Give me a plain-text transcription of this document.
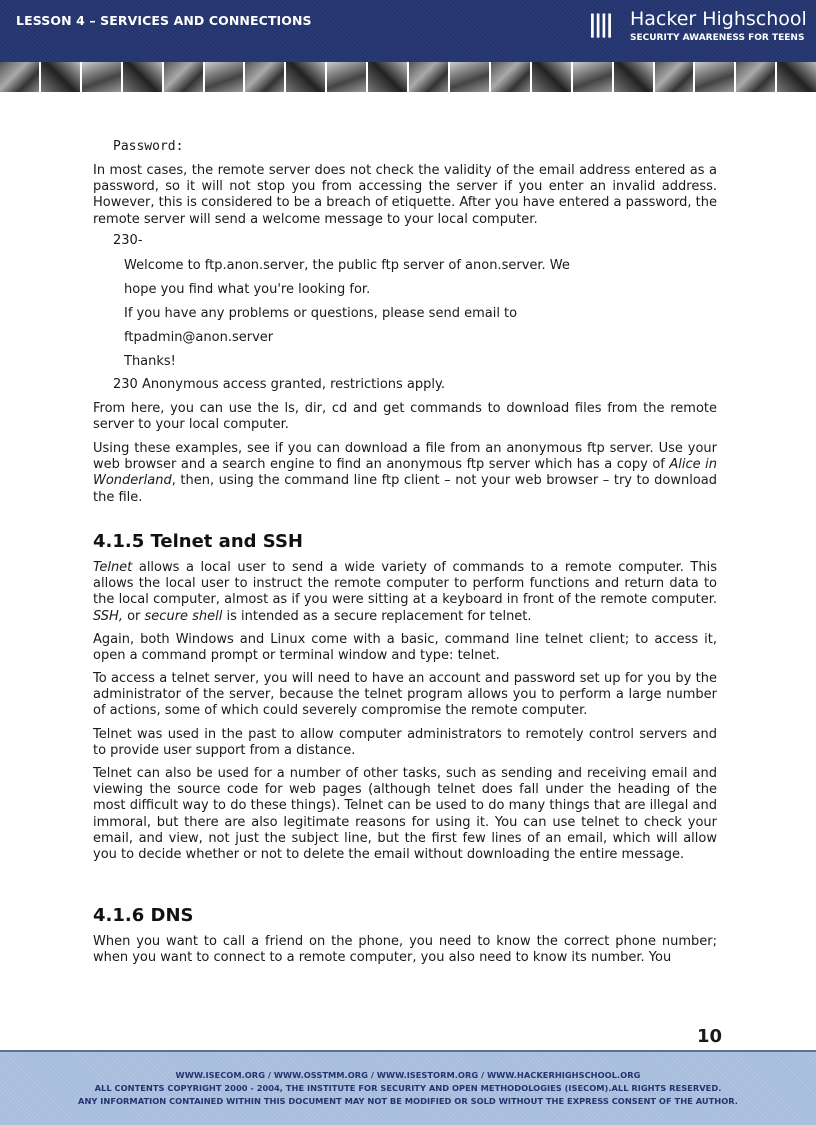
LESSON 4 – SERVICES AND CONNECTIONS	|||| Hacker Highschool
SECURITY AWARENESS FOR TEENS
Password:

In most cases, the remote server does not check the validity of the email address entered as a password, so it will not stop you from accessing the server if you enter an invalid address. However, this is considered to be a breach of etiquette. After you have entered a password, the remote server will send a welcome message to your local computer.

230-
Welcome to ftp.anon.server, the public ftp server of anon.server. We
hope you find what you're looking for.
If you have any problems or questions, please send email to
ftpadmin@anon.server
Thanks!
230 Anonymous access granted, restrictions apply.

From here, you can use the ls, dir, cd and get commands to download files from the remote server to your local computer.

Using these examples, see if you can download a file from an anonymous ftp server. Use your web browser and a search engine to find an anonymous ftp server which has a copy of Alice in Wonderland, then, using the command line ftp client – not your web browser – try to download the file.

4.1.5 Telnet and SSH

Telnet allows a local user to send a wide variety of commands to a remote computer. This allows the local user to instruct the remote computer to perform functions and return data to the local computer, almost as if you were sitting at a keyboard in front of the remote computer. SSH, or secure shell is intended as a secure replacement for telnet.

Again, both Windows and Linux come with a basic, command line telnet client; to access it, open a command prompt or terminal window and type: telnet.

To access a telnet server, you will need to have an account and password set up for you by the administrator of the server, because the telnet program allows you to perform a large number of actions, some of which could severely compromise the remote computer.

Telnet was used in the past to allow computer administrators to remotely control servers and to provide user support from a distance.

Telnet can also be used for a number of other tasks, such as sending and receiving email and viewing the source code for web pages (although telnet does fall under the heading of the most difficult way to do these things). Telnet can be used to do many things that are illegal and immoral, but there are also legitimate reasons for using it. You can use telnet to check your email, and view, not just the subject line, but the first few lines of an email, which will allow you to decide whether or not to delete the email without downloading the entire message.

4.1.6 DNS

When you want to call a friend on the phone, you need to know the correct phone number; when you want to connect to a remote computer, you also need to know its number. You

10
WWW.ISECOM.ORG / WWW.OSSTMM.ORG / WWW.ISESTORM.ORG / WWW.HACKERHIGHSCHOOL.ORG
ALL CONTENTS COPYRIGHT 2000 - 2004, THE INSTITUTE FOR SECURITY AND OPEN METHODOLOGIES (ISECOM).ALL RIGHTS RESERVED.
ANY INFORMATION CONTAINED WITHIN THIS DOCUMENT MAY NOT BE MODIFIED OR SOLD WITHOUT THE EXPRESS CONSENT OF THE AUTHOR.
